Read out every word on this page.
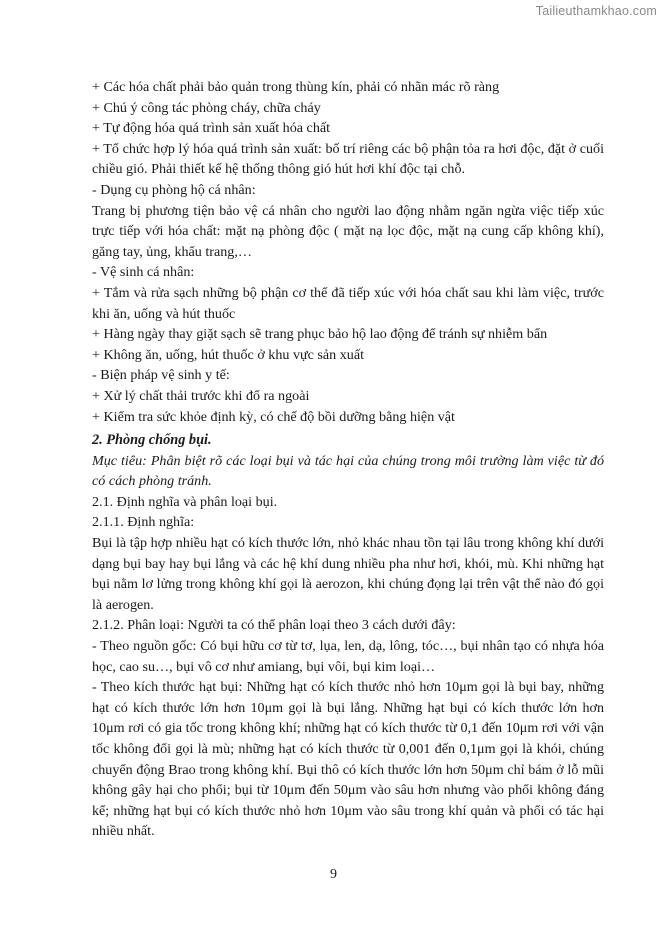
Tailieuthamkhao.com
+ Các hóa chất phải bảo quản trong thùng kín, phải có nhãn mác rõ ràng
+ Chú ý công tác phòng cháy, chữa cháy
+ Tự động hóa quá trình sản xuất hóa chất

+ Tổ chức hợp lý hóa quá trình sản xuất: bố trí riêng các bộ phận tỏa ra hơi độc, đặt ở cuối chiều gió. Phải thiết kế hệ thống thông gió hút hơi khí độc tại chỗ.

- Dụng cụ phòng hộ cá nhân:

Trang bị phương tiện bảo vệ cá nhân cho người lao động nhằm ngăn ngừa việc tiếp xúc trực tiếp với hóa chất: mặt nạ phòng độc ( mặt nạ lọc độc, mặt nạ cung cấp không khí), găng tay, ủng, khẩu trang,…

- Vệ sinh cá nhân:

+ Tắm và rửa sạch những bộ phận cơ thể đã tiếp xúc với hóa chất sau khi làm việc, trước khi ăn, uống và hút thuốc

+ Hàng ngày thay giặt sạch sẽ trang phục bảo hộ lao động để tránh sự nhiễm bẩn
+ Không ăn, uống, hút thuốc ở khu vực sản xuất
- Biện pháp vệ sinh y tế:
+ Xử lý chất thải trước khi đổ ra ngoài
+ Kiểm tra sức khỏe định kỳ, có chế độ bồi dưỡng bằng hiện vật
2. Phòng chống bụi.

Mục tiêu: Phân biệt rõ các loại bụi và tác hại của chúng trong môi trường làm việc từ đó có cách phòng tránh.

2.1. Định nghĩa và phân loại bụi.
2.1.1. Định nghĩa:

Bụi là tập hợp nhiều hạt có kích thước lớn, nhỏ khác nhau tồn tại lâu trong không khí dưới dạng bụi bay hay bụi lắng và các hệ khí dung nhiều pha như hơi, khói, mù. Khi những hạt bụi nằm lơ lửng trong không khí gọi là aerozon, khi chúng đọng lại trên vật thể nào đó gọi là aerogen.

2.1.2. Phân loại: Người ta có thể phân loại theo 3 cách dưới đây:

- Theo nguồn gốc: Có bụi hữu cơ từ tơ, lụa, len, dạ, lông, tóc…, bụi nhân tạo có nhựa hóa học, cao su…, bụi vô cơ như amiang, bụi vôi, bụi kim loại…

- Theo kích thước hạt bụi: Những hạt có kích thước nhỏ hơn 10μm gọi là bụi bay, những hạt có kích thước lớn hơn 10μm gọi là bụi lắng. Những hạt bụi có kích thước lớn hơn 10μm rơi có gia tốc trong không khí; những hạt có kích thước từ 0,1 đến 10μm rơi với vận tốc không đổi gọi là mù; những hạt có kích thước từ 0,001 đến 0,1μm gọi là khói, chúng chuyển động Brao trong không khí. Bụi thô có kích thước lớn hơn 50μm chỉ bám ở lỗ mũi không gây hại cho phổi; bụi từ 10μm đến 50μm vào sâu hơn nhưng vào phổi không đáng kể; những hạt bụi có kích thước nhỏ hơn 10μm vào sâu trong khí quản và phổi có tác hại nhiều nhất.

9
